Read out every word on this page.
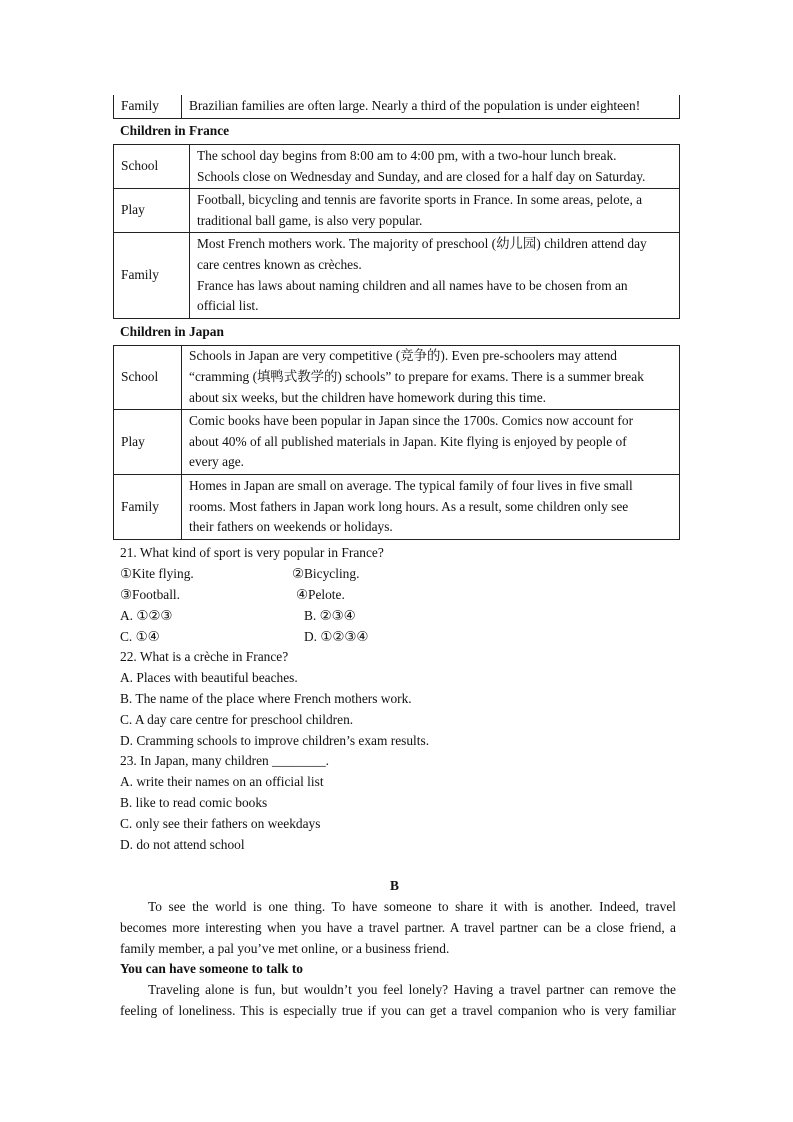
Family	Brazilian families are often large. Nearly a third of the population is under eighteen!
Children in France
School	The school day begins from 8:00 am to 4:00 pm, with a two-hour lunch break.
Schools close on Wednesday and Sunday, and are closed for a half day on Saturday.

Play	Football, bicycling and tennis are favorite sports in France. In some areas, pelote, a
traditional ball game, is also very popular.

Family	Most French mothers work. The majority of preschool (幼儿园) children attend day
care centres known as crèches.
France has laws about naming children and all names have to be chosen from an
official list.
Children in Japan
School	Schools in Japan are very competitive (竞争的). Even pre-schoolers may attend
“cramming (填鸭式教学的) schools” to prepare for exams. There is a summer break
about six weeks, but the children have homework during this time.

Play	Comic books have been popular in Japan since the 1700s. Comics now account for
about 40% of all published materials in Japan. Kite flying is enjoyed by people of
every age.

Family	Homes in Japan are small on average. The typical family of four lives in five small
rooms. Most fathers in Japan work long hours. As a result, some children only see
their fathers on weekends or holidays.
21. What kind of sport is very popular in France?
①Kite flying.	②Bicycling.
③Football.	④Pelote.
A. ①②③	B. ②③④
C. ①④	D. ①②③④
22. What is a crèche in France?
A. Places with beautiful beaches.
B. The name of the place where French mothers work.
C. A day care centre for preschool children.
D. Cramming schools to improve children’s exam results.
23. In Japan, many children ________.
A. write their names on an official list
B. like to read comic books
C. only see their fathers on weekdays
D. do not attend school
B
To see the world is one thing. To have someone to share it with is another. Indeed, travel
becomes more interesting when you have a travel partner. A travel partner can be a close friend, a
family member, a pal you’ve met online, or a business friend.
You can have someone to talk to
Traveling alone is fun, but wouldn’t you feel lonely? Having a travel partner can remove the
feeling of loneliness. This is especially true if you can get a travel companion who is very familiar
